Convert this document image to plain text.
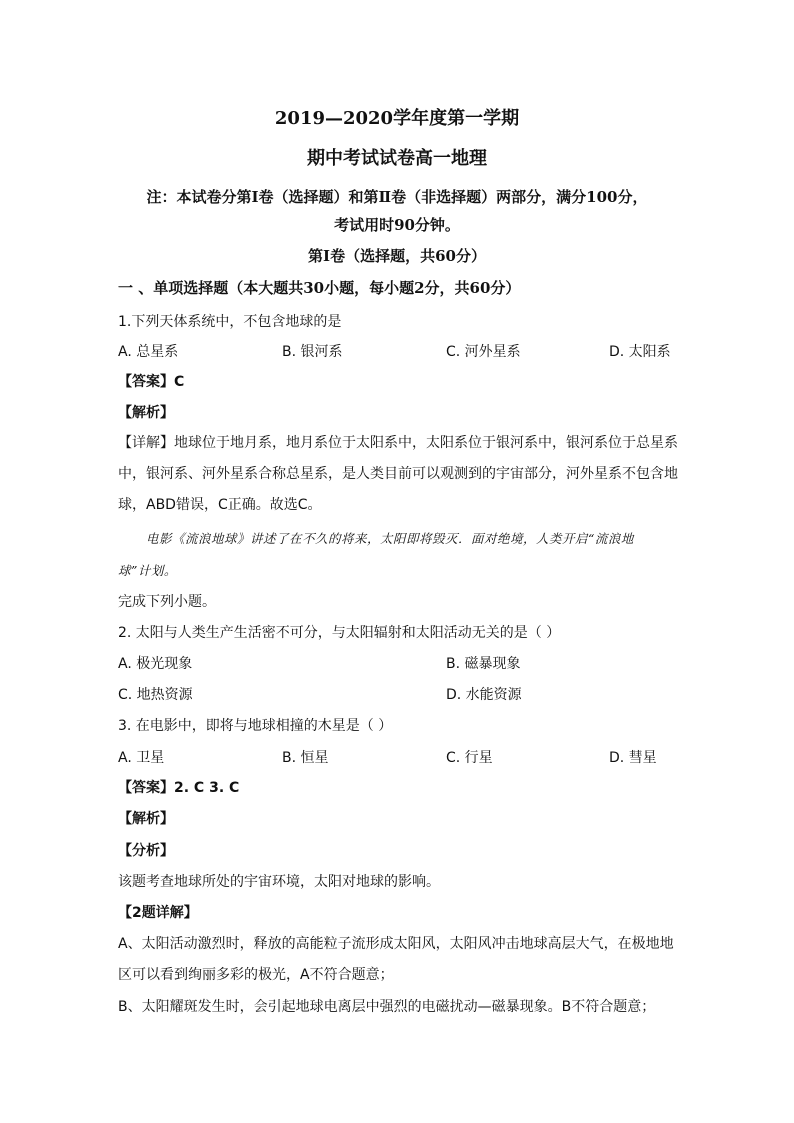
2019—2020学年度第一学期
期中考试试卷高一地理
注：本试卷分第Ⅰ卷（选择题）和第Ⅱ卷（非选择题）两部分，满分100分，
考试用时90分钟。
第Ⅰ卷（选择题，共60分）
一 、单项选择题（本大题共30小题，每小题2分，共60分）
1.下列天体系统中，不包含地球的是
A. 总星系	B. 银河系	C. 河外星系	D. 太阳系
【答案】C
【解析】
【详解】地球位于地月系，地月系位于太阳系中，太阳系位于银河系中，银河系位于总星系
中，银河系、河外星系合称总星系，是人类目前可以观测到的宇宙部分，河外星系不包含地
球，ABD错误，C正确。故选C。
电影《流浪地球》讲述了在不久的将来，太阳即将毁灭．面对绝境，人类开启“流浪地
球”计划。
完成下列小题。
2. 太阳与人类生产生活密不可分，与太阳辐射和太阳活动无关的是（ ）
A. 极光现象	B. 磁暴现象
C. 地热资源	D. 水能资源
3. 在电影中，即将与地球相撞的木星是（ ）
A. 卫星	B. 恒星	C. 行星	D. 彗星
【答案】2. C 3. C
【解析】
【分析】
该题考查地球所处的宇宙环境，太阳对地球的影响。
【2题详解】
A、太阳活动激烈时，释放的高能粒子流形成太阳风，太阳风冲击地球高层大气，在极地地
区可以看到绚丽多彩的极光，A不符合题意；
B、太阳耀斑发生时，会引起地球电离层中强烈的电磁扰动—磁暴现象。B不符合题意；
